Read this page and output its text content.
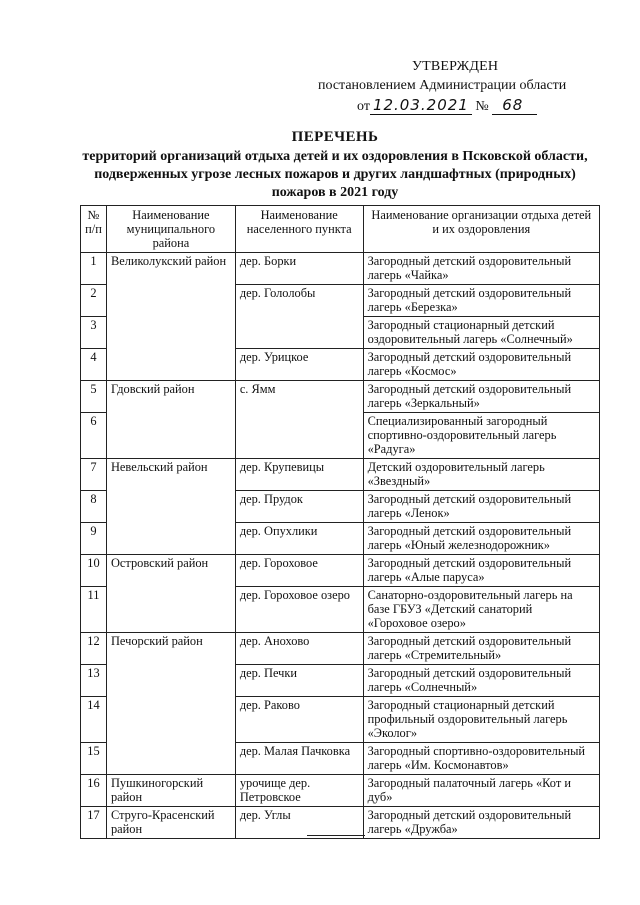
УТВЕРЖДЕН
постановлением Администрации области
от 12.03.2021 № 68
ПЕРЕЧЕНЬ
территорий организаций отдыха детей и их оздоровления в Псковской области, подверженных угрозе лесных пожаров и других ландшафтных (природных) пожаров в 2021 году
№ п/п	Наименование муниципального района	Наименование населенного пункта	Наименование организации отдыха детей и их оздоровления
1	Великолукский район	дер. Борки	Загородный детский оздоровительный лагерь «Чайка»
2		дер. Гололобы	Загородный детский оздоровительный лагерь «Березка»
3			Загородный стационарный детский оздоровительный лагерь «Солнечный»
4		дер. Урицкое	Загородный детский оздоровительный лагерь «Космос»
5	Гдовский район	с. Ямм	Загородный детский оздоровительный лагерь «Зеркальный»
6			Специализированный загородный спортивно-оздоровительный лагерь «Радуга»
7	Невельский район	дер. Крупевицы	Детский оздоровительный лагерь «Звездный»
8		дер. Прудок	Загородный детский оздоровительный лагерь «Ленок»
9		дер. Опухлики	Загородный детский оздоровительный лагерь «Юный железнодорожник»
10	Островский район	дер. Гороховое	Загородный детский оздоровительный лагерь «Алые паруса»
11		дер. Гороховое озеро	Санаторно-оздоровительный лагерь на базе ГБУЗ «Детский санаторий «Гороховое озеро»
12	Печорский район	дер. Анохово	Загородный детский оздоровительный лагерь «Стремительный»
13		дер. Печки	Загородный детский оздоровительный лагерь «Солнечный»
14		дер. Раково	Загородный стационарный детский профильный оздоровительный лагерь «Эколог»
15		дер. Малая Пачковка	Загородный спортивно-оздоровительный лагерь «Им. Космонавтов»
16	Пушкиногорский район	урочище дер. Петровское	Загородный палаточный лагерь «Кот и дуб»
17	Струго-Красенский район	дер. Углы	Загородный детский оздоровительный лагерь «Дружба»
